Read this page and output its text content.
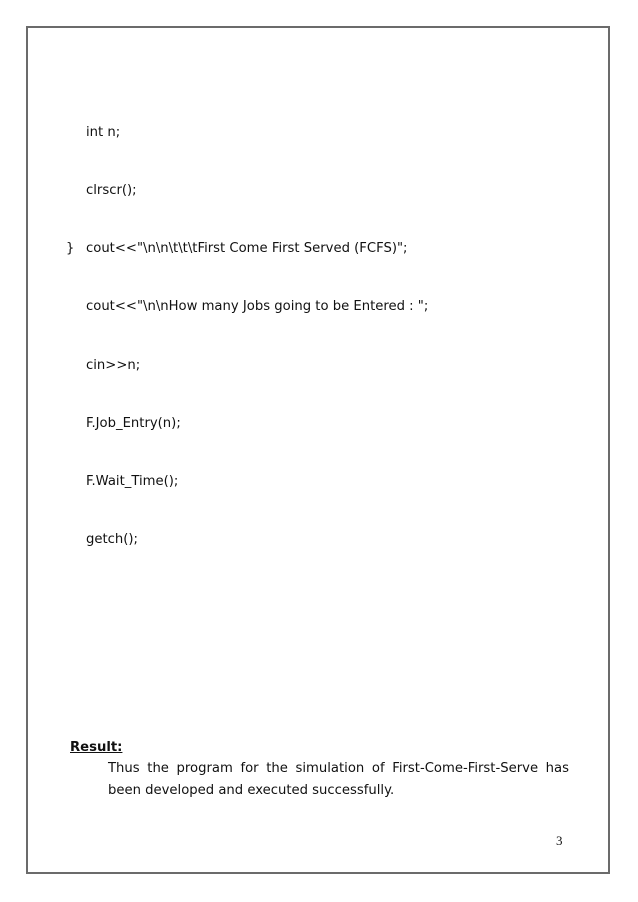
int n;

clrscr();

cout<<"\n\n\t\t\tFirst Come First Served (FCFS)";

cout<<"\n\nHow many Jobs going to be Entered : ";

cin>>n;

F.Job_Entry(n);

F.Wait_Time();

getch();

}
Result:
Thus the program for the simulation of First-Come-First-Serve has
been developed and executed successfully.
3
